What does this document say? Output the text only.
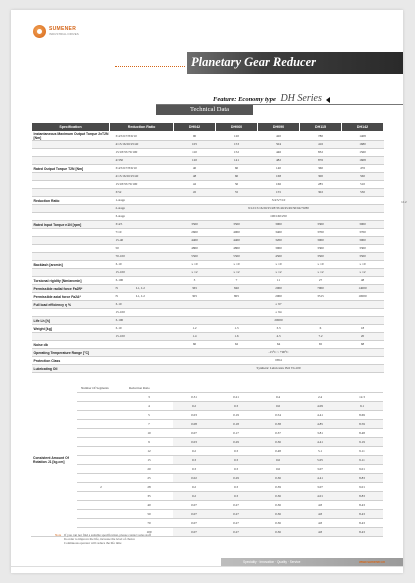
SUMENER
INDUSTRIAL DRIVES
Planetary Gear Reducer
Feature: Economy type DH Series
Technical Data
112
Specification	Reduction Ratio	DH042	DH060	DH090	DH115	DH142
Instantaneous Maximum Output Torque 2xT2N [Nm]	3/4/5/6/7/8/9/10	90	120	420	780	1408
	4/15/16/20/25/40	105	153	504	416	1680
	15/18/35/70/100	110	152	446	832	1560
	4/350	120	141	482	876	1608
Rated Output Torque T2N [Nm]	3/4/5/6/7/8/9/10	40	60	140	360	476
	4/15/16/20/25/40	48	60	168	300	560
	15/18/35/70/100	42	50	166	285	510
	3/52	45	55	155	302	530
Reduction Ratio	1-stage	3/4/5/7/10				
	2-stage	9/12/15/16/20/25/28/35/40/45/49/50/64/70/80				
	3-stage	100/160/250				
Rated Input Torque n1N [rpm]	3/4/5	3500	3500	3000	3300	3000
	7/10	2600	4000	3400	3700	3700
	15-40	4400	4400	3200	3000	3000
	50	4800	4800	3900	3300	3300
	70-100	5500	5500	4500	3500	3500
Backlash [arcmin]	3-10	≤ 10	≤ 10	≤ 10	≤ 10	≤ 10
	15-100	≤ 12	≤ 12	≤ 12	≤ 12	≤ 12
Torsional rigidity [Nm/arcmin]	3-100	3	7	11	27	48
Permissible radial force Fa2R*	N L1, L2	365	840	2000	7900	14000
Permissible axial force Fa2A*	N L1, L2	305	805	2000	3515	10000
Full load efficiency η %	3-10	≥ 97				
	15-100	≥ 94				
Life Lh [h]	3-100	20000				
Weight [kg]	3-10	1.2	1.3	3.3	6	18
	15-100	1.4	1.6	4.3	7.2	20
Noise db		60	62	64	65	68
Operating Temperature Range [°C]		-15°C ~ +90°C				
Protection Class		IP64				
Lubricating Oil		Synthetic Lubricants ISO VG100				
Consistent Amount Of Rotation J1 [kg.cm]	Number Of Segments	Reduction Ratio					
		3	0.31	0.21	0.4	2.4	12.3
		4	0.2	0.3	0.6	4.09	9.1
		5	0.03	0.19	0.54	4.41	8.69
		7	0.08	0.18	0.38	4.85	8.59
		10	0.07	0.17	0.37	3.81	8.48
		9	0.03	0.29	0.36	4.41	9.19
		12	0.2	0.3	0.48	5.1	9.11
		15	0.3	0.3	0.6	5.05	9.11
		20	0.3	0.3	0.6	3.07	9.01
		25	0.02	0.29	0.36	4.41	8.83
	2	28	0.2	0.3	0.39	3.07	9.01
		35	0.2	0.3	0.36	4.01	8.83
		40	0.07	0.27	0.36	4.8	8.43
		50	0.07	0.27	0.36	4.8	8.43
		70	0.07	0.27	0.36	4.8	8.43
		100	0.07	0.27	0.36	4.8	8.43
Note If you can not find a suitable specification, please contact sales staff
In order to improve the life, increase the level of choice
Continuous operator will reduce the life time
Speciality · Innovation · Quality · Service	www.sumener.cn
